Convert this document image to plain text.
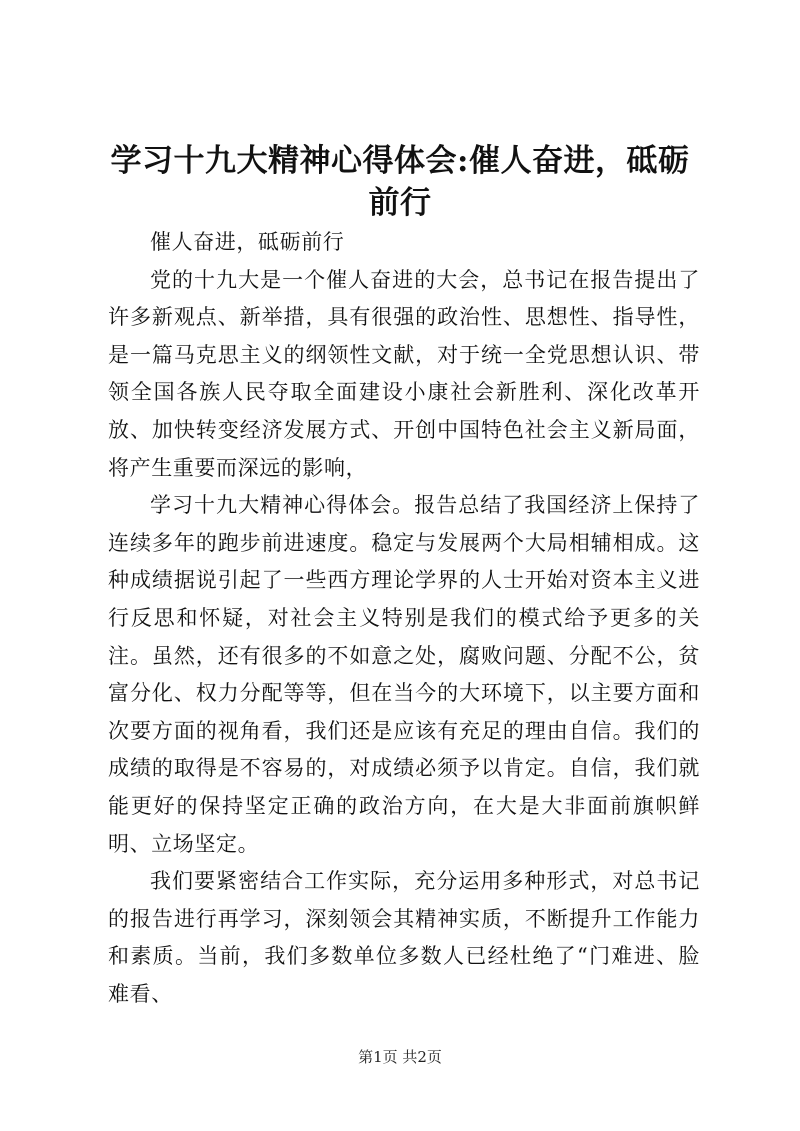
学习十九大精神心得体会:催人奋进，砥砺前行

催人奋进，砥砺前行

党的十九大是一个催人奋进的大会，总书记在报告提出了许多新观点、新举措，具有很强的政治性、思想性、指导性，是一篇马克思主义的纲领性文献，对于统一全党思想认识、带领全国各族人民夺取全面建设小康社会新胜利、深化改革开放、加快转变经济发展方式、开创中国特色社会主义新局面，将产生重要而深远的影响，

学习十九大精神心得体会。报告总结了我国经济上保持了连续多年的跑步前进速度。稳定与发展两个大局相辅相成。这种成绩据说引起了一些西方理论学界的人士开始对资本主义进行反思和怀疑，对社会主义特别是我们的模式给予更多的关注。虽然，还有很多的不如意之处，腐败问题、分配不公，贫富分化、权力分配等等，但在当今的大环境下，以主要方面和次要方面的视角看，我们还是应该有充足的理由自信。我们的成绩的取得是不容易的，对成绩必须予以肯定。自信，我们就能更好的保持坚定正确的政治方向，在大是大非面前旗帜鲜明、立场坚定。

我们要紧密结合工作实际，充分运用多种形式，对总书记的报告进行再学习，深刻领会其精神实质，不断提升工作能力和素质。当前，我们多数单位多数人已经杜绝了“门难进、脸难看、

第1页 共2页
